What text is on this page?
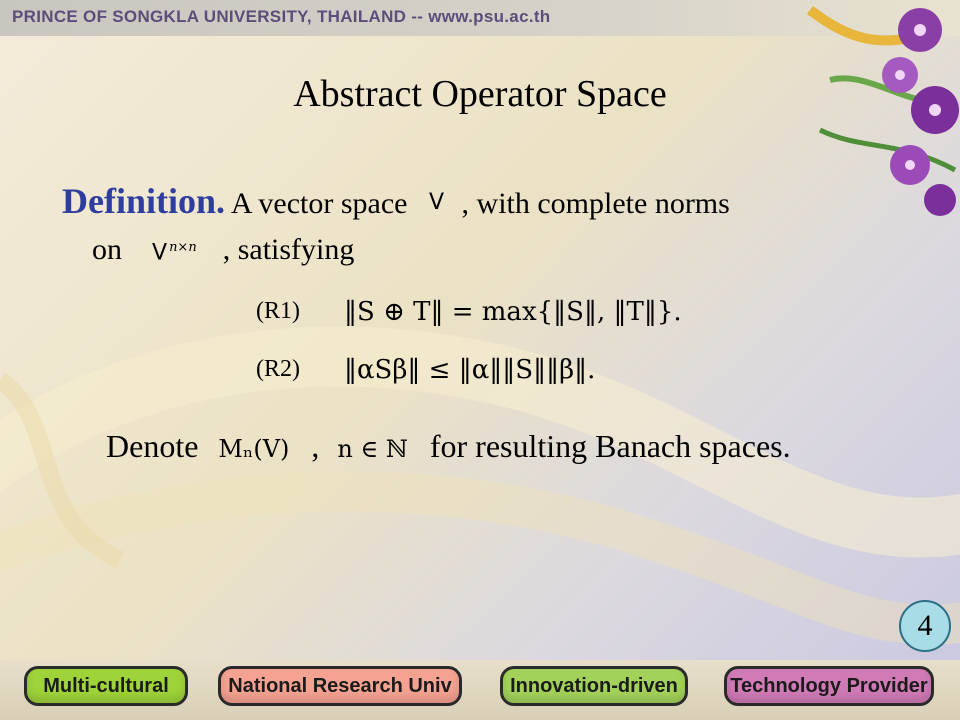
PRINCE OF SONGKLA UNIVERSITY, THAILAND -- www.psu.ac.th
Abstract Operator Space
Definition. A vector space V , with complete norms
on V $^{n\times n}$ , satisfying
(R1) ‖S ⊕ T‖ = max{‖S‖, ‖T‖}.
(R2) ‖αSβ‖ ≤ ‖α‖‖S‖‖β‖.
Denote Mₙ(V) , n ∈ ℕ for resulting Banach spaces.
4
Multi-cultural	National Research Univ	Innovation-driven	Technology Provider
